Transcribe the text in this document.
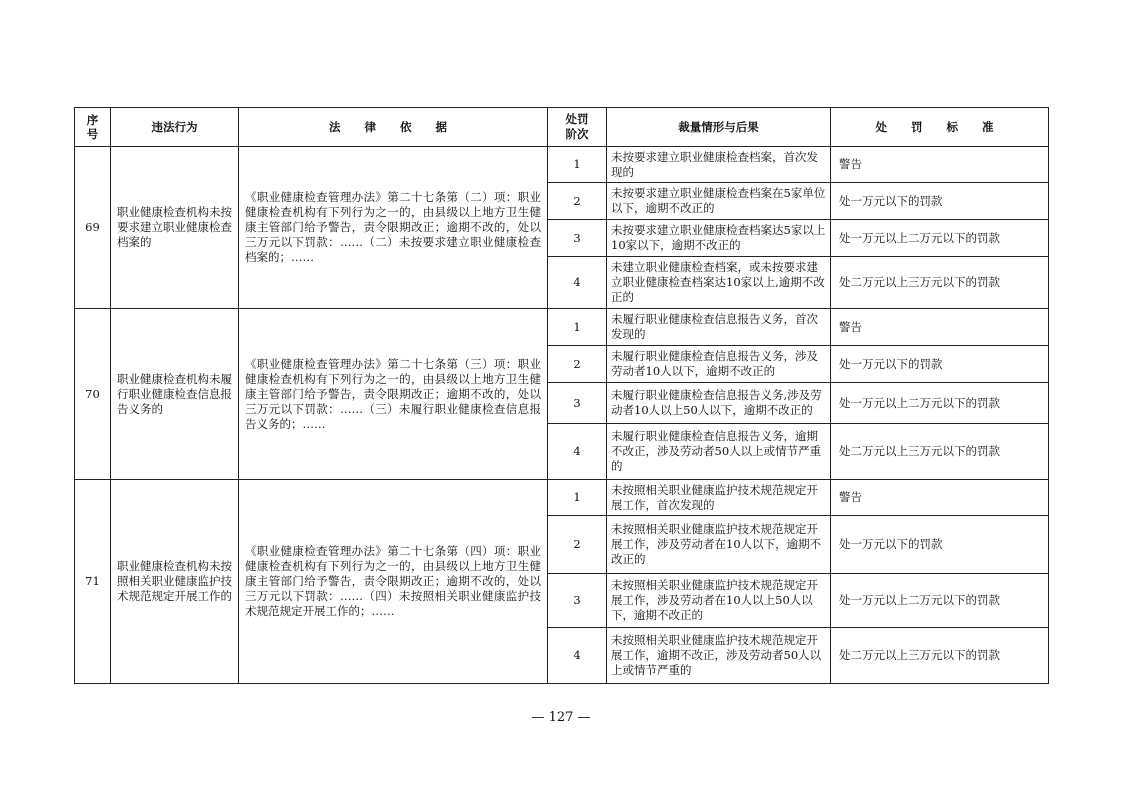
序号	违法行为	法 律 依 据	处罚阶次	裁量情形与后果	处 罚 标 准
69	职业健康检查机构未按要求建立职业健康检查档案的	《职业健康检查管理办法》第二十七条第（二）项：职业健康检查机构有下列行为之一的，由县级以上地方卫生健康主管部门给予警告，责令限期改正；逾期不改的，处以三万元以下罚款：……（二）未按要求建立职业健康检查档案的；……	1	未按要求建立职业健康检查档案，首次发现的	警告
			2	未按要求建立职业健康检查档案在5家单位以下，逾期不改正的	处一万元以下的罚款
			3	未按要求建立职业健康检查档案达5家以上10家以下，逾期不改正的	处一万元以上二万元以下的罚款
			4	未建立职业健康检查档案，或未按要求建立职业健康检查档案达10家以上,逾期不改正的	处二万元以上三万元以下的罚款
70	职业健康检查机构未履行职业健康检查信息报告义务的	《职业健康检查管理办法》第二十七条第（三）项：职业健康检查机构有下列行为之一的，由县级以上地方卫生健康主管部门给予警告，责令限期改正；逾期不改的，处以三万元以下罚款：……（三）未履行职业健康检查信息报告义务的；……	1	未履行职业健康检查信息报告义务，首次发现的	警告
			2	未履行职业健康检查信息报告义务，涉及劳动者10人以下，逾期不改正的	处一万元以下的罚款
			3	未履行职业健康检查信息报告义务,涉及劳动者10人以上50人以下，逾期不改正的	处一万元以上二万元以下的罚款
			4	未履行职业健康检查信息报告义务，逾期不改正，涉及劳动者50人以上或情节严重的	处二万元以上三万元以下的罚款
71	职业健康检查机构未按照相关职业健康监护技术规范规定开展工作的	《职业健康检查管理办法》第二十七条第（四）项：职业健康检查机构有下列行为之一的，由县级以上地方卫生健康主管部门给予警告，责令限期改正；逾期不改的，处以三万元以下罚款：……（四）未按照相关职业健康监护技术规范规定开展工作的；……	1	未按照相关职业健康监护技术规范规定开展工作，首次发现的	警告
			2	未按照相关职业健康监护技术规范规定开展工作，涉及劳动者在10人以下，逾期不改正的	处一万元以下的罚款
			3	未按照相关职业健康监护技术规范规定开展工作，涉及劳动者在10人以上50人以下，逾期不改正的	处一万元以上二万元以下的罚款
			4	未按照相关职业健康监护技术规范规定开展工作，逾期不改正，涉及劳动者50人以上或情节严重的	处二万元以上三万元以下的罚款
— 127 —
